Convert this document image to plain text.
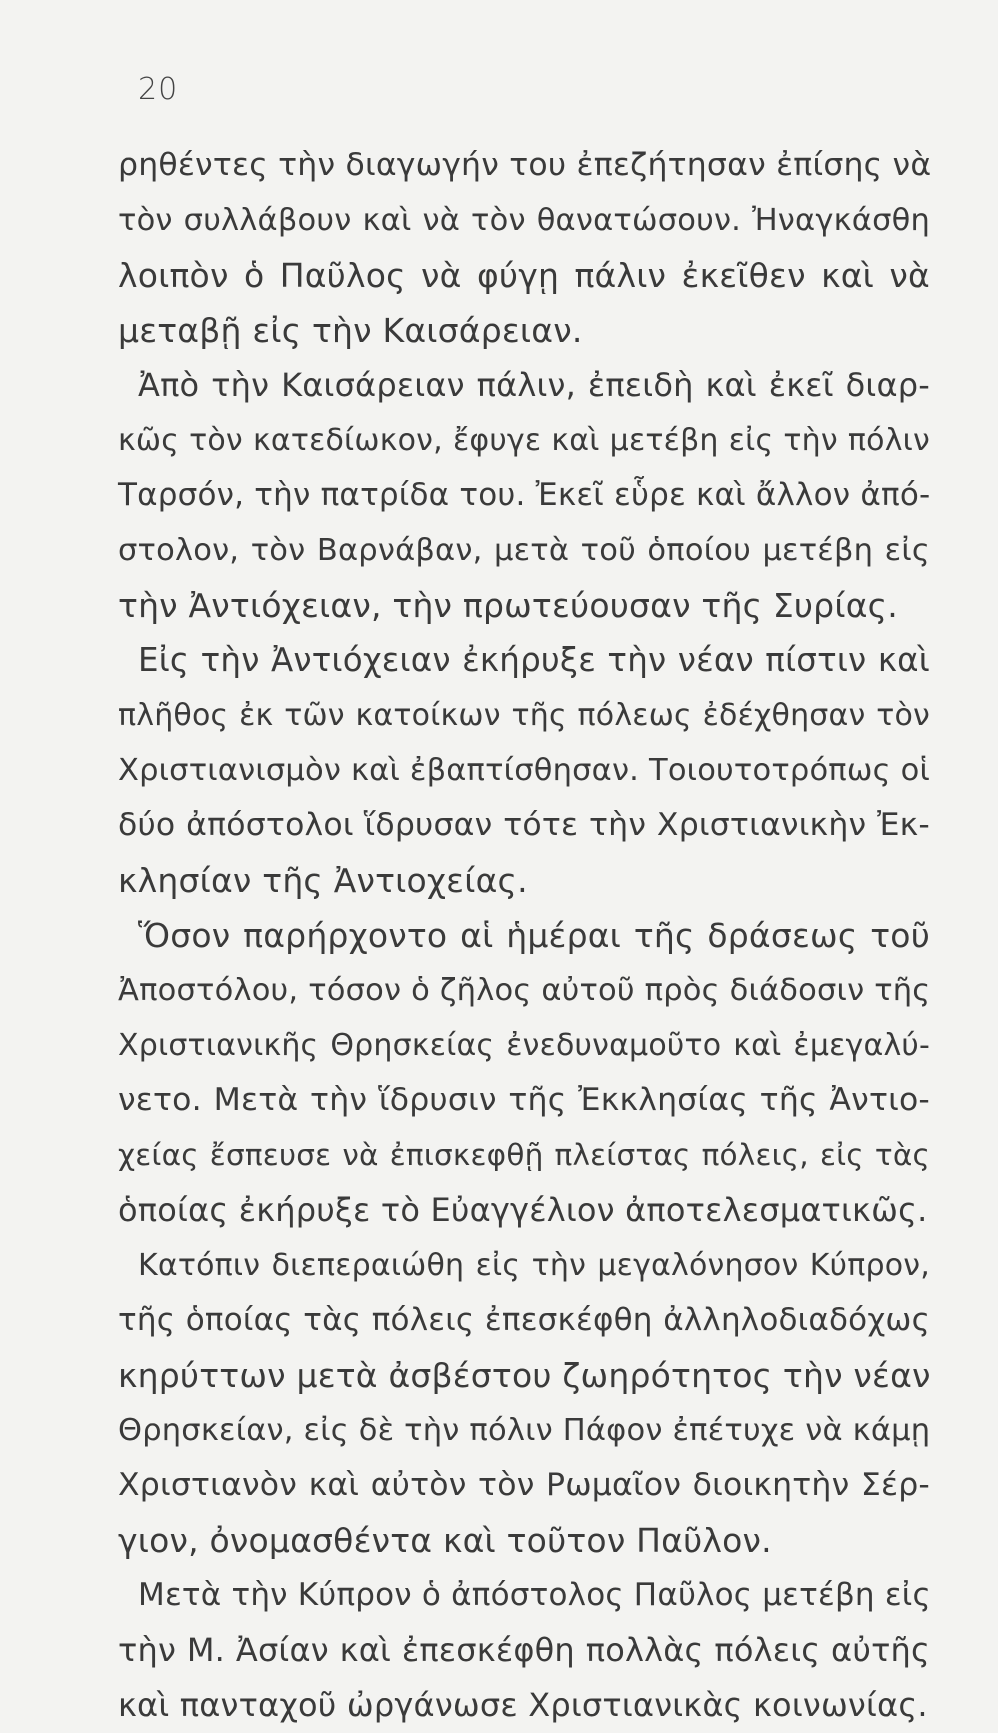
20
ρηθέντες τὴν διαγωγήν του ἐπεζήτησαν ἐπίσης νὰ
τὸν συλλάβουν καὶ νὰ τὸν θανατώσουν. Ἠναγκάσθη
λοιπὸν ὁ Παῦλος νὰ φύγῃ πάλιν ἐκεῖθεν καὶ νὰ
μεταβῇ εἰς τὴν Καισάρειαν.
Ἀπὸ τὴν Καισάρειαν πάλιν, ἐπειδὴ καὶ ἐκεῖ διαρ-
κῶς τὸν κατεδίωκον, ἔφυγε καὶ μετέβη εἰς τὴν πόλιν
Ταρσόν, τὴν πατρίδα του. Ἐκεῖ εὗρε καὶ ἄλλον ἀπό-
στολον, τὸν Βαρνάβαν, μετὰ τοῦ ὁποίου μετέβη εἰς
τὴν Ἀντιόχειαν, τὴν πρωτεύουσαν τῆς Συρίας.
Εἰς τὴν Ἀντιόχειαν ἐκήρυξε τὴν νέαν πίστιν καὶ
πλῆθος ἐκ τῶν κατοίκων τῆς πόλεως ἐδέχθησαν τὸν
Χριστιανισμὸν καὶ ἐβαπτίσθησαν. Τοιουτοτρόπως οἱ
δύο ἀπόστολοι ἵδρυσαν τότε τὴν Χριστιανικὴν Ἐκ-
κλησίαν τῆς Ἀντιοχείας.
Ὅσον παρήρχοντο αἱ ἡμέραι τῆς δράσεως τοῦ
Ἀποστόλου, τόσον ὁ ζῆλος αὐτοῦ πρὸς διάδοσιν τῆς
Χριστιανικῆς Θρησκείας ἐνεδυναμοῦτο καὶ ἐμεγαλύ-
νετο. Μετὰ τὴν ἵδρυσιν τῆς Ἐκκλησίας τῆς Ἀντιο-
χείας ἔσπευσε νὰ ἐπισκεφθῇ πλείστας πόλεις, εἰς τὰς
ὁποίας ἐκήρυξε τὸ Εὐαγγέλιον ἀποτελεσματικῶς.
Κατόπιν διεπεραιώθη εἰς τὴν μεγαλόνησον Κύπρον,
τῆς ὁποίας τὰς πόλεις ἐπεσκέφθη ἀλληλοδιαδόχως
κηρύττων μετὰ ἀσβέστου ζωηρότητος τὴν νέαν
Θρησκείαν, εἰς δὲ τὴν πόλιν Πάφον ἐπέτυχε νὰ κάμῃ
Χριστιανὸν καὶ αὐτὸν τὸν Ρωμαῖον διοικητὴν Σέρ-
γιον, ὀνομασθέντα καὶ τοῦτον Παῦλον.
Μετὰ τὴν Κύπρον ὁ ἀπόστολος Παῦλος μετέβη εἰς
τὴν Μ. Ἀσίαν καὶ ἐπεσκέφθη πολλὰς πόλεις αὐτῆς
καὶ πανταχοῦ ὠργάνωσε Χριστιανικὰς κοινωνίας.
